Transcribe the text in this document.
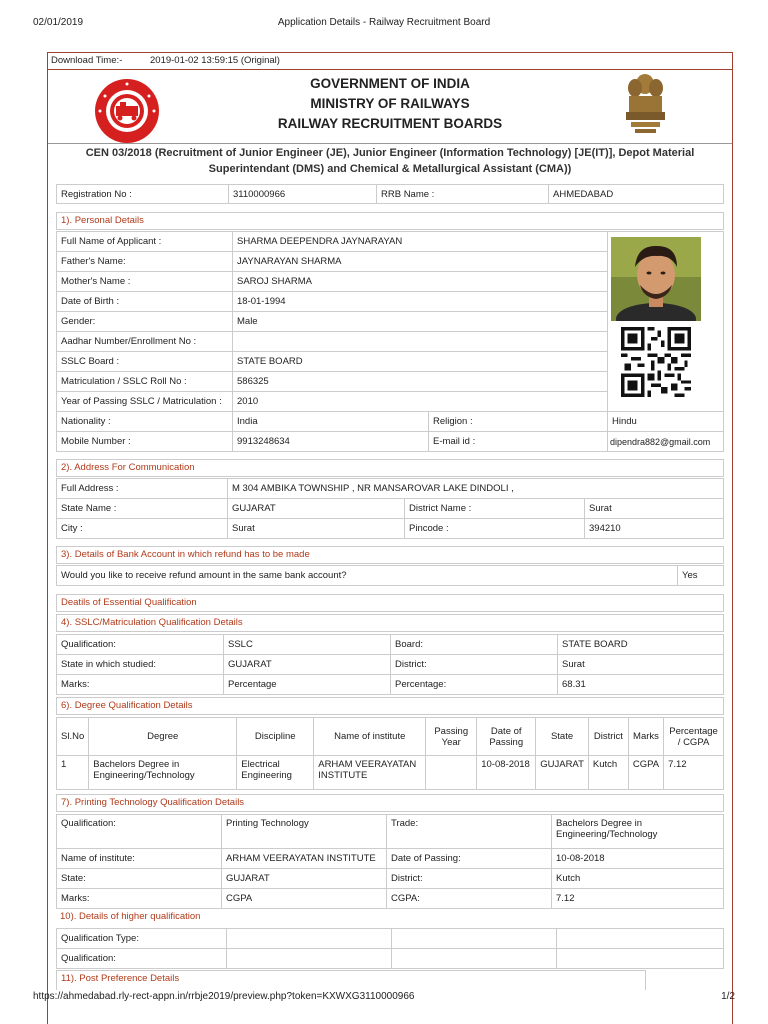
02/01/2019	Application Details - Railway Recruitment Board
Download Time:-	2019-01-02 13:59:15 (Original)
GOVERNMENT OF INDIA
MINISTRY OF RAILWAYS
RAILWAY RECRUITMENT BOARDS
CEN 03/2018 (Recruitment of Junior Engineer (JE), Junior Engineer (Information Technology) [JE(IT)], Depot Material
Superintendant (DMS) and Chemical & Metallurgical Assistant (CMA))
Registration No :	3110000966	RRB Name :	AHMEDABAD
1). Personal Details
Full Name of Applicant :	SHARMA DEEPENDRA JAYNARAYAN		
Father's Name:	JAYNARAYAN SHARMA		
Mother's Name :	SAROJ SHARMA		
Date of Birth :	18-01-1994		
Gender:	Male		
Aadhar Number/Enrollment No :			
SSLC Board :	STATE BOARD		
Matriculation / SSLC Roll No :	586325		
Year of Passing SSLC / Matriculation :	2010		
Nationality :	India	Religion :	Hindu
Mobile Number :	9913248634	E-mail id :	dipendra882@gmail.com
2). Address For Communication
Full Address :	M 304 AMBIKA TOWNSHIP , NR MANSAROVAR LAKE DINDOLI ,		
State Name :	GUJARAT	District Name :	Surat
City :	Surat	Pincode :	394210
3). Details of Bank Account in which refund has to be made
Would you like to receive refund amount in the same bank account?	Yes
Deatils of Essential Qualification
4). SSLC/Matriculation Qualification Details
Qualification:	SSLC	Board:	STATE BOARD
State in which studied:	GUJARAT	District:	Surat
Marks:	Percentage	Percentage:	68.31
6). Degree Qualification Details
Sl.No	Degree	Discipline	Name of institute	Passing Year	Date of Passing	State	District	Marks	Percentage / CGPA
1	Bachelors Degree in Engineering/Technology	Electrical Engineering	ARHAM VEERAYATAN INSTITUTE		10-08-2018	GUJARAT	Kutch	CGPA	7.12
7). Printing Technology Qualification Details
Qualification:	Printing Technology	Trade:	Bachelors Degree in Engineering/Technology
Name of institute:	ARHAM VEERAYATAN INSTITUTE	Date of Passing:	10-08-2018
State:	GUJARAT	District:	Kutch
Marks:	CGPA	CGPA:	7.12
10). Details of higher qualification
Qualification Type:			
Qualification:			
11). Post Preference Details
https://ahmedabad.rly-rect-appn.in/rrbje2019/preview.php?token=KXWXG3110000966	1/2
